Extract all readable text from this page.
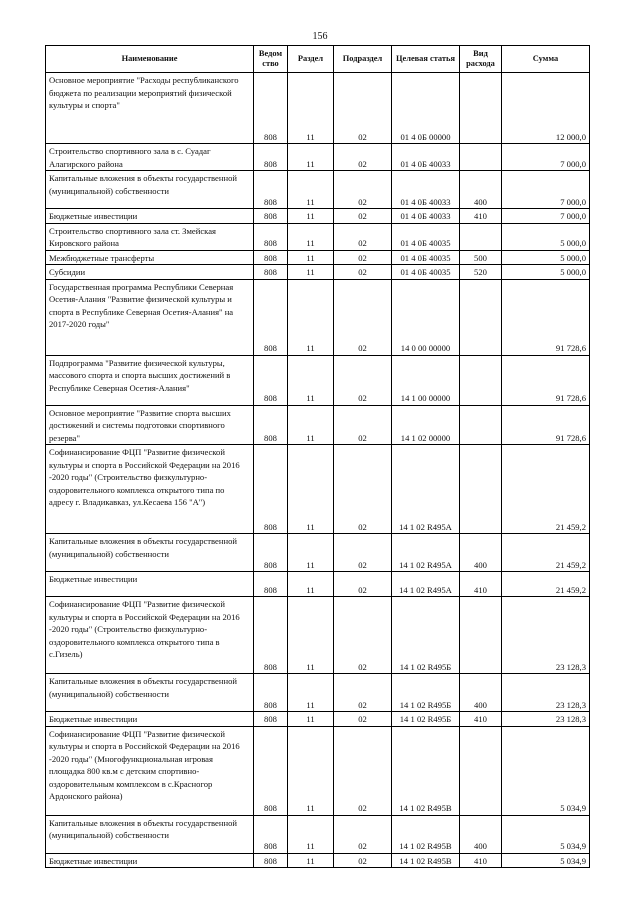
156
Наименование	Ведом ство	Раздел	Подраздел	Целевая статья	Вид расхода	Сумма
Основное мероприятие "Расходы республиканского бюджета по реализации мероприятий физической культуры и спорта"	808	11	02	01 4 0Б 00000		12 000,0
Строительство спортивного зала в с. Суадаг Алагирского района	808	11	02	01 4 0Б 40033		7 000,0
Капитальные вложения в объекты государственной (муниципальной) собственности	808	11	02	01 4 0Б 40033	400	7 000,0
Бюджетные инвестиции	808	11	02	01 4 0Б 40033	410	7 000,0
Строительство спортивного зала ст. Змейская Кировского района	808	11	02	01 4 0Б 40035		5 000,0
Межбюджетные трансферты	808	11	02	01 4 0Б 40035	500	5 000,0
Субсидии	808	11	02	01 4 0Б 40035	520	5 000,0
Государственная программа Республики Северная Осетия-Алания "Развитие физической культуры и спорта в Республике Северная Осетия-Алания" на 2017-2020 годы"	808	11	02	14 0 00 00000		91 728,6
Подпрограмма "Развитие физической культуры, массового спорта и спорта высших достижений в Республике Северная Осетия-Алания"	808	11	02	14 1 00 00000		91 728,6
Основное мероприятие "Развитие спорта высших достижений и системы подготовки спортивного резерва"	808	11	02	14 1 02 00000		91 728,6
Софинансирование ФЦП "Развитие физической культуры и спорта в Российской Федерации на 2016 -2020 годы" (Строительство физкультурно-оздоровительного комплекса открытого типа по адресу г. Владикавказ, ул.Кесаева 156 "А")	808	11	02	14 1 02 R495А		21 459,2
Капитальные вложения в объекты государственной (муниципальной) собственности	808	11	02	14 1 02 R495А	400	21 459,2
Бюджетные инвестиции	808	11	02	14 1 02 R495А	410	21 459,2
Софинансирование ФЦП "Развитие физической культуры и спорта в Российской Федерации на 2016 -2020 годы" (Строительство физкультурно-оздоровительного комплекса открытого типа в с.Гизель)	808	11	02	14 1 02 R495Б		23 128,3
Капитальные вложения в объекты государственной (муниципальной) собственности	808	11	02	14 1 02 R495Б	400	23 128,3
Бюджетные инвестиции	808	11	02	14 1 02 R495Б	410	23 128,3
Софинансирование ФЦП "Развитие физической культуры и спорта в Российской Федерации на 2016 -2020 годы" (Многофункциональная игровая площадка 800 кв.м с детским спортивно-оздоровительным комплексом в с.Красногор Ардонского района)	808	11	02	14 1 02 R495В		5 034,9
Капитальные вложения в объекты государственной (муниципальной) собственности	808	11	02	14 1 02 R495В	400	5 034,9
Бюджетные инвестиции	808	11	02	14 1 02 R495В	410	5 034,9
